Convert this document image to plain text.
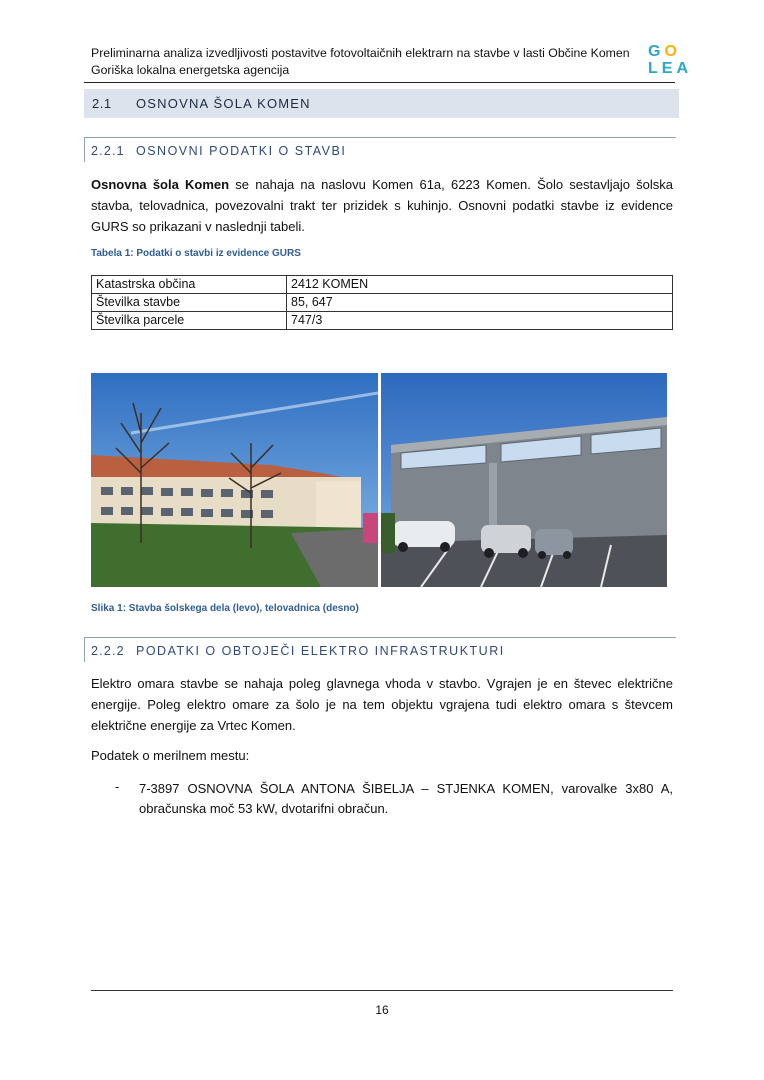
Preliminarna analiza izvedljivosti postavitve fotovoltaičnih elektrarn na stavbe v lasti Občine Komen
Goriška lokalna energetska agencija
GO
LEA
2.1 OSNOVNA ŠOLA KOMEN
2.2.1 OSNOVNI PODATKI O STAVBI
Osnovna šola Komen se nahaja na naslovu Komen 61a, 6223 Komen. Šolo sestavljajo šolska stavba, telovadnica, povezovalni trakt ter prizidek s kuhinjo. Osnovni podatki stavbe iz evidence GURS so prikazani v naslednji tabeli.
Tabela 1: Podatki o stavbi iz evidence GURS
Katastrska občina	2412 KOMEN
Številka stavbe	85, 647
Številka parcele	747/3
Slika 1: Stavba šolskega dela (levo), telovadnica (desno)
2.2.2 PODATKI O OBTOJEČI ELEKTRO INFRASTRUKTURI
Elektro omara stavbe se nahaja poleg glavnega vhoda v stavbo. Vgrajen je en števec električne energije. Poleg elektro omare za šolo je na tem objektu vgrajena tudi elektro omara s števcem električne energije za Vrtec Komen.
Podatek o merilnem mestu:
- 7-3897 OSNOVNA ŠOLA ANTONA ŠIBELJA – STJENKA KOMEN, varovalke 3x80 A, obračunska moč 53 kW, dvotarifni obračun.
16
